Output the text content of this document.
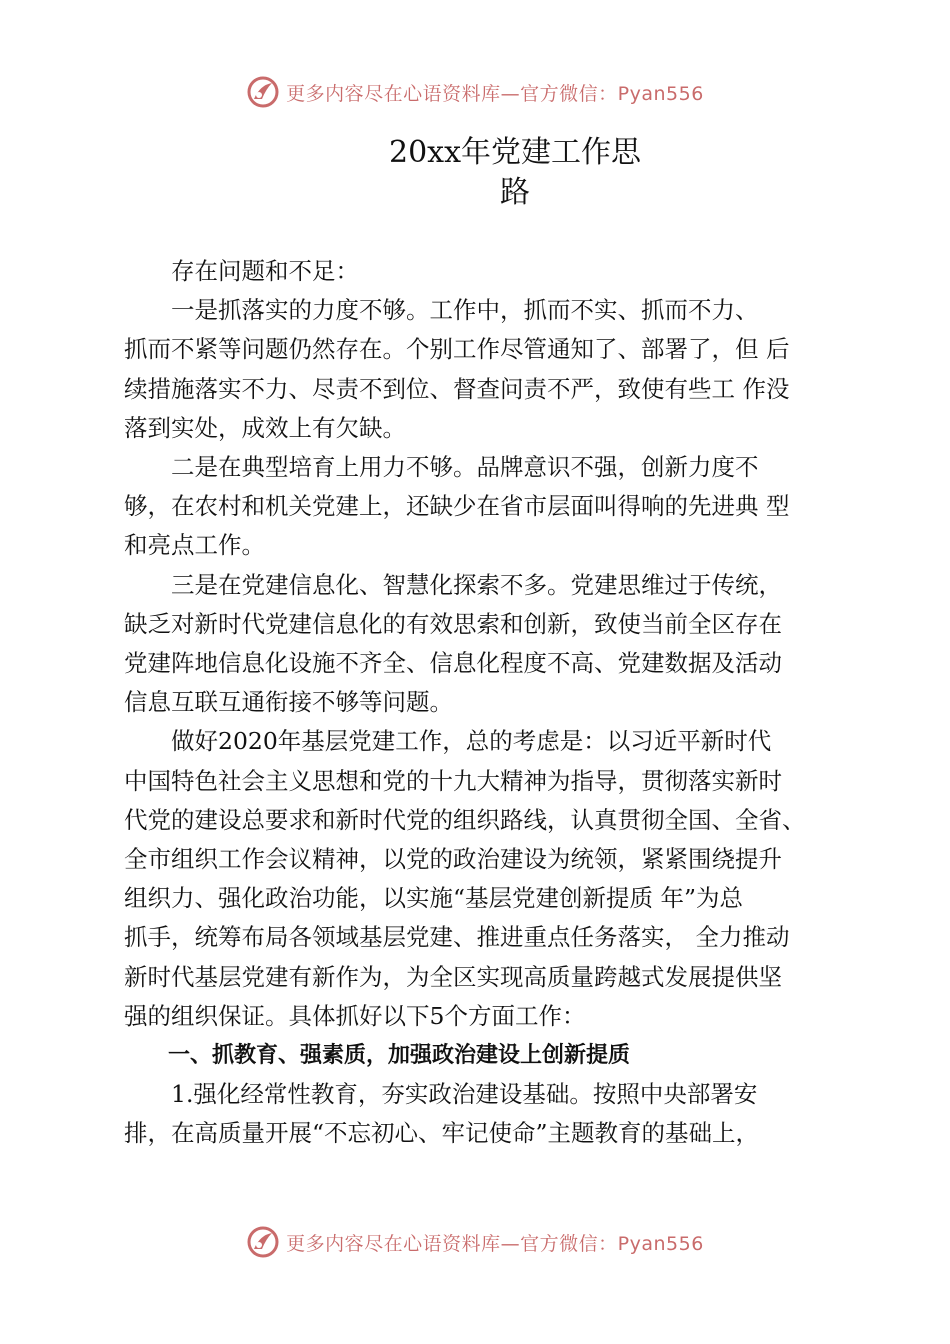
更多内容尽在心语资料库—官方微信：Pyan556
20xx年党建工作思
路

存在问题和不足：

一是抓落实的力度不够。工作中，抓而不实、抓而不力、

抓而不紧等问题仍然存在。个别工作尽管通知了、部署了，但 后

续措施落实不力、尽责不到位、督查问责不严，致使有些工 作没

落到实处，成效上有欠缺。

二是在典型培育上用力不够。品牌意识不强，创新力度不

够，在农村和机关党建上，还缺少在省市层面叫得响的先进典 型

和亮点工作。

三是在党建信息化、智慧化探索不多。党建思维过于传统，

缺乏对新时代党建信息化的有效思索和创新，致使当前全区存在

党建阵地信息化设施不齐全、信息化程度不高、党建数据及活动

信息互联互通衔接不够等问题。

做好2020年基层党建工作，总的考虑是：以习近平新时代

中国特色社会主义思想和党的十九大精神为指导，贯彻落实新时

代党的建设总要求和新时代党的组织路线，认真贯彻全国、全省、

全市组织工作会议精神，以党的政治建设为统领，紧紧围绕提升

组织力、强化政治功能，以实施“基层党建创新提质 年”为总

抓手，统筹布局各领域基层党建、推进重点任务落实， 全力推动

新时代基层党建有新作为，为全区实现高质量跨越式发展提供坚

强的组织保证。具体抓好以下5个方面工作：

一、抓教育、强素质，加强政治建设上创新提质

1.强化经常性教育，夯实政治建设基础。按照中央部署安

排，在高质量开展“不忘初心、牢记使命”主题教育的基础上，

更多内容尽在心语资料库—官方微信：Pyan556
